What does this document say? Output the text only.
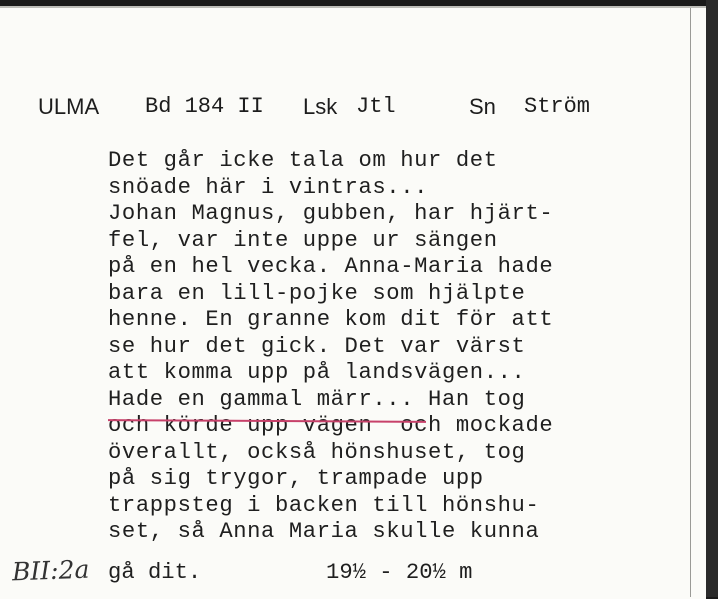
ULMA Bd 184 II Lsk Jtl	Sn Ström
Det går icke tala om hur det
snöade här i vintras...
Johan Magnus, gubben, har hjärt-
fel, var inte uppe ur sängen
på en hel vecka. Anna-Maria hade
bara en lill-pojke som hjälpte
henne. En granne kom dit för att
se hur det gick. Det var värst
att komma upp på landsvägen...
Hade en gammal märr... Han tog
och körde upp vägen  och mockade
överallt, också hönshuset, tog
på sig trygor, trampade upp
trappsteg i backen till hönshu-
set, så Anna Maria skulle kunna
gå dit.	19½ - 20½ m
BII:2a
